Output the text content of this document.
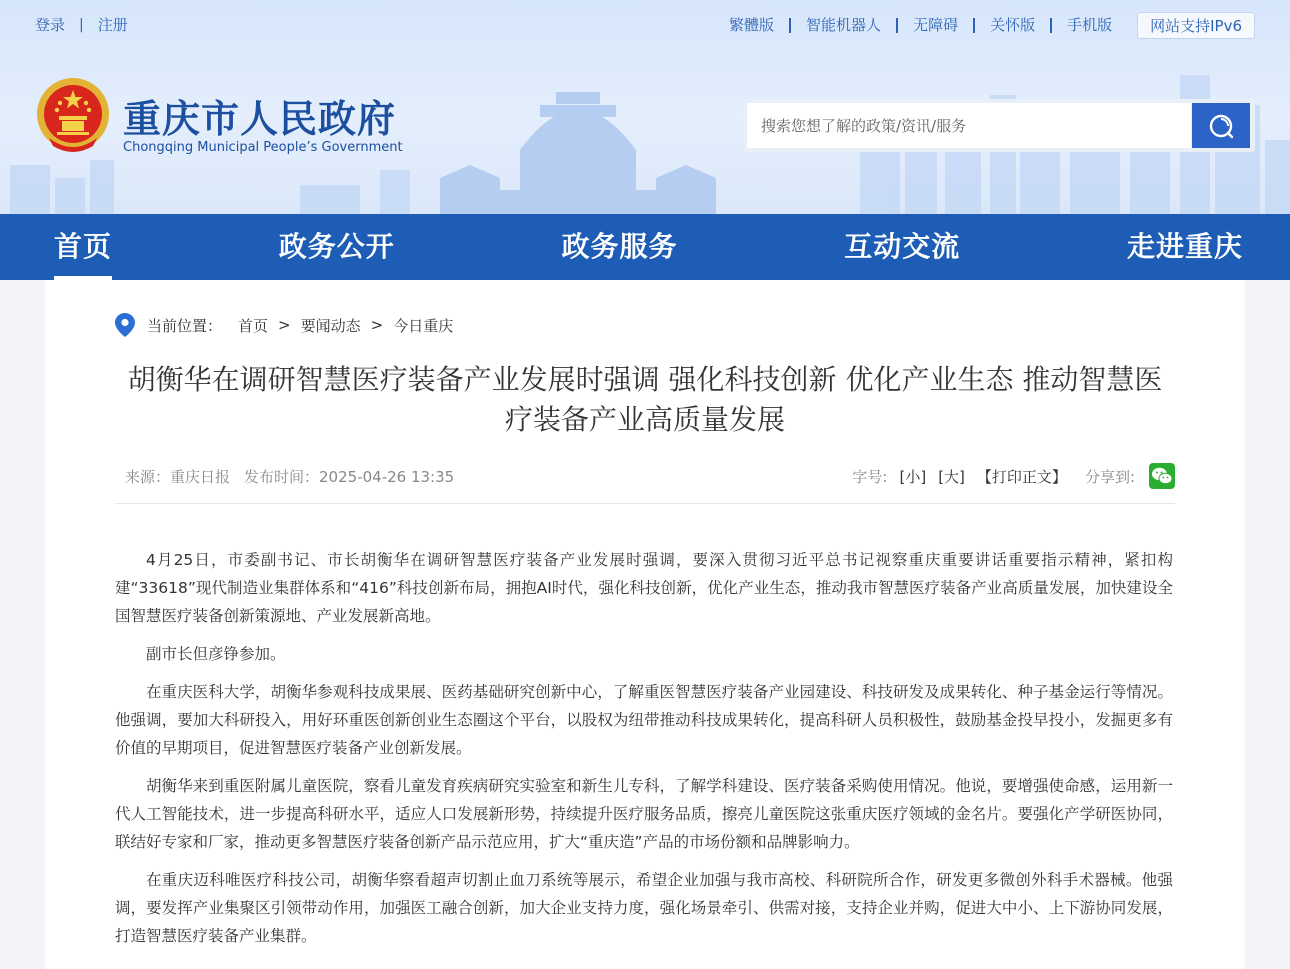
登录 | 注册	繁體版	智能机器人	无障碍	关怀版	手机版	网站支持IPv6
重庆市人民政府
Chongqing Municipal People’s Government
搜索您想了解的政策/资讯/服务
首页	政务公开	政务服务	互动交流	走进重庆
当前位置： 首页 > 要闻动态 > 今日重庆
胡衡华在调研智慧医疗装备产业发展时强调 强化科技创新 优化产业生态 推动智慧医疗装备产业高质量发展
来源：重庆日报 发布时间：2025-04-26 13:35	字号: [小] [大] 【打印正文】 分享到:

4月25日，市委副书记、市长胡衡华在调研智慧医疗装备产业发展时强调，要深入贯彻习近平总书记视察重庆重要讲话重要指示精神，紧扣构建“33618”现代制造业集群体系和“416”科技创新布局，拥抱AI时代，强化科技创新，优化产业生态，推动我市智慧医疗装备产业高质量发展，加快建设全国智慧医疗装备创新策源地、产业发展新高地。

副市长但彦铮参加。

在重庆医科大学，胡衡华参观科技成果展、医药基础研究创新中心，了解重医智慧医疗装备产业园建设、科技研发及成果转化、种子基金运行等情况。他强调，要加大科研投入，用好环重医创新创业生态圈这个平台，以股权为纽带推动科技成果转化，提高科研人员积极性，鼓励基金投早投小，发掘更多有价值的早期项目，促进智慧医疗装备产业创新发展。

胡衡华来到重医附属儿童医院，察看儿童发育疾病研究实验室和新生儿专科，了解学科建设、医疗装备采购使用情况。他说，要增强使命感，运用新一代人工智能技术，进一步提高科研水平，适应人口发展新形势，持续提升医疗服务品质，擦亮儿童医院这张重庆医疗领域的金名片。要强化产学研医协同，联结好专家和厂家，推动更多智慧医疗装备创新产品示范应用，扩大“重庆造”产品的市场份额和品牌影响力。

在重庆迈科唯医疗科技公司，胡衡华察看超声切割止血刀系统等展示，希望企业加强与我市高校、科研院所合作，研发更多微创外科手术器械。他强调，要发挥产业集聚区引领带动作用，加强医工融合创新，加大企业支持力度，强化场景牵引、供需对接，支持企业并购，促进大中小、上下游协同发展，打造智慧医疗装备产业集群。
